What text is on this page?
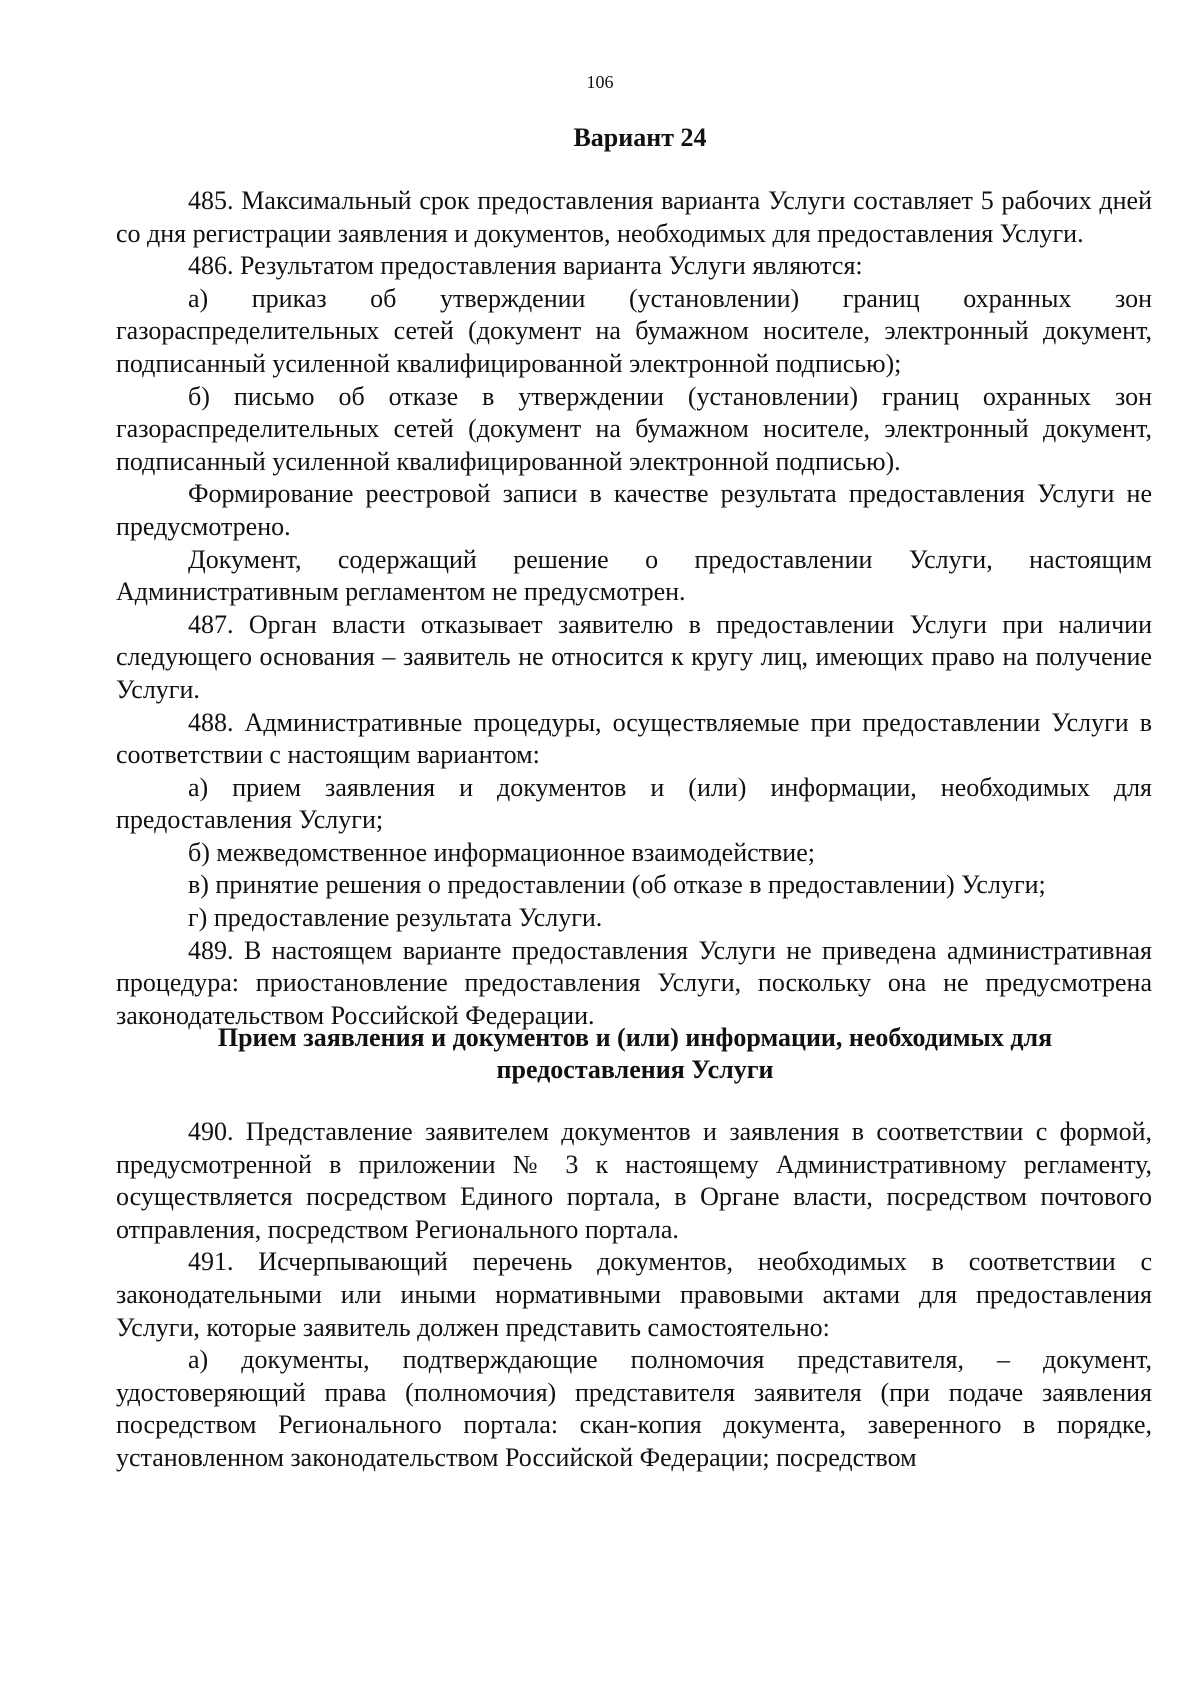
106
Вариант 24

485. Максимальный срок предоставления варианта Услуги составляет 5 рабочих дней со дня регистрации заявления и документов, необходимых для предоставления Услуги.

486. Результатом предоставления варианта Услуги являются:

а) приказ об утверждении (установлении) границ охранных зон газораспределительных сетей (документ на бумажном носителе, электронный документ, подписанный усиленной квалифицированной электронной подписью);

б) письмо об отказе в утверждении (установлении) границ охранных зон газораспределительных сетей (документ на бумажном носителе, электронный документ, подписанный усиленной квалифицированной электронной подписью).

Формирование реестровой записи в качестве результата предоставления Услуги не предусмотрено.

Документ, содержащий решение о предоставлении Услуги, настоящим Административным регламентом не предусмотрен.

487. Орган власти отказывает заявителю в предоставлении Услуги при наличии следующего основания – заявитель не относится к кругу лиц, имеющих право на получение Услуги.

488. Административные процедуры, осуществляемые при предоставлении Услуги в соответствии с настоящим вариантом:

а) прием заявления и документов и (или) информации, необходимых для предоставления Услуги;

б) межведомственное информационное взаимодействие;

в) принятие решения о предоставлении (об отказе в предоставлении) Услуги;

г) предоставление результата Услуги.

489. В настоящем варианте предоставления Услуги не приведена административная процедура: приостановление предоставления Услуги, поскольку она не предусмотрена законодательством Российской Федерации.

Прием заявления и документов и (или) информации, необходимых для предоставления Услуги

490. Представление заявителем документов и заявления в соответствии с формой, предусмотренной в приложении № 3 к настоящему Административному регламенту, осуществляется посредством Единого портала, в Органе власти, посредством почтового отправления, посредством Регионального портала.

491. Исчерпывающий перечень документов, необходимых в соответствии с законодательными или иными нормативными правовыми актами для предоставления Услуги, которые заявитель должен представить самостоятельно:

а) документы, подтверждающие полномочия представителя, – документ, удостоверяющий права (полномочия) представителя заявителя (при подаче заявления посредством Регионального портала: скан-копия документа, заверенного в порядке, установленном законодательством Российской Федерации; посредством
